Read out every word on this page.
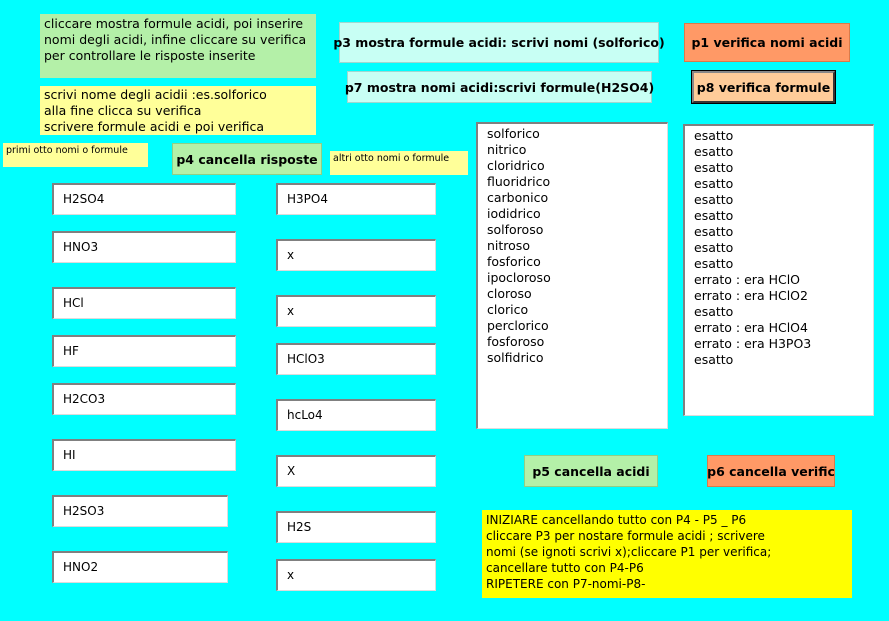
cliccare mostra formule acidi, poi inserire
nomi degli acidi, infine cliccare su verifica
per controllare le risposte inserite
scrivi nome degli acidii :es.solforico
alla fine clicca su verifica
scrivere formule acidi e poi verifica
primi otto nomi o formule
altri otto nomi o formule
p3 mostra formule acidi: scrivi nomi (solforico)
p7 mostra nomi acidi:scrivi formule(H2SO4)
p1 verifica nomi acidi
p8 verifica formule
p4 cancella risposte
p5 cancella acidi	p6 cancella verific
H2SO4
HNO3
HCl
HF
H2CO3
HI
H2SO3
HNO2
H3PO4
x
x
HClO3
hcLo4
X
H2S
x
solforico
nitrico
cloridrico
fluoridrico
carbonico
iodidrico
solforoso
nitroso
fosforico
ipocloroso
cloroso
clorico
perclorico
fosforoso
solfidrico
esatto
esatto
esatto
esatto
esatto
esatto
esatto
esatto
esatto
errato : era HClO
errato : era HClO2
esatto
errato : era HClO4
errato : era H3PO3
esatto
INIZIARE cancellando tutto con P4 - P5 _ P6
cliccare P3 per nostare formule acidi ; scrivere
nomi (se ignoti scrivi x);cliccare P1 per verifica;
cancellare tutto con P4-P6
RIPETERE con P7-nomi-P8-
